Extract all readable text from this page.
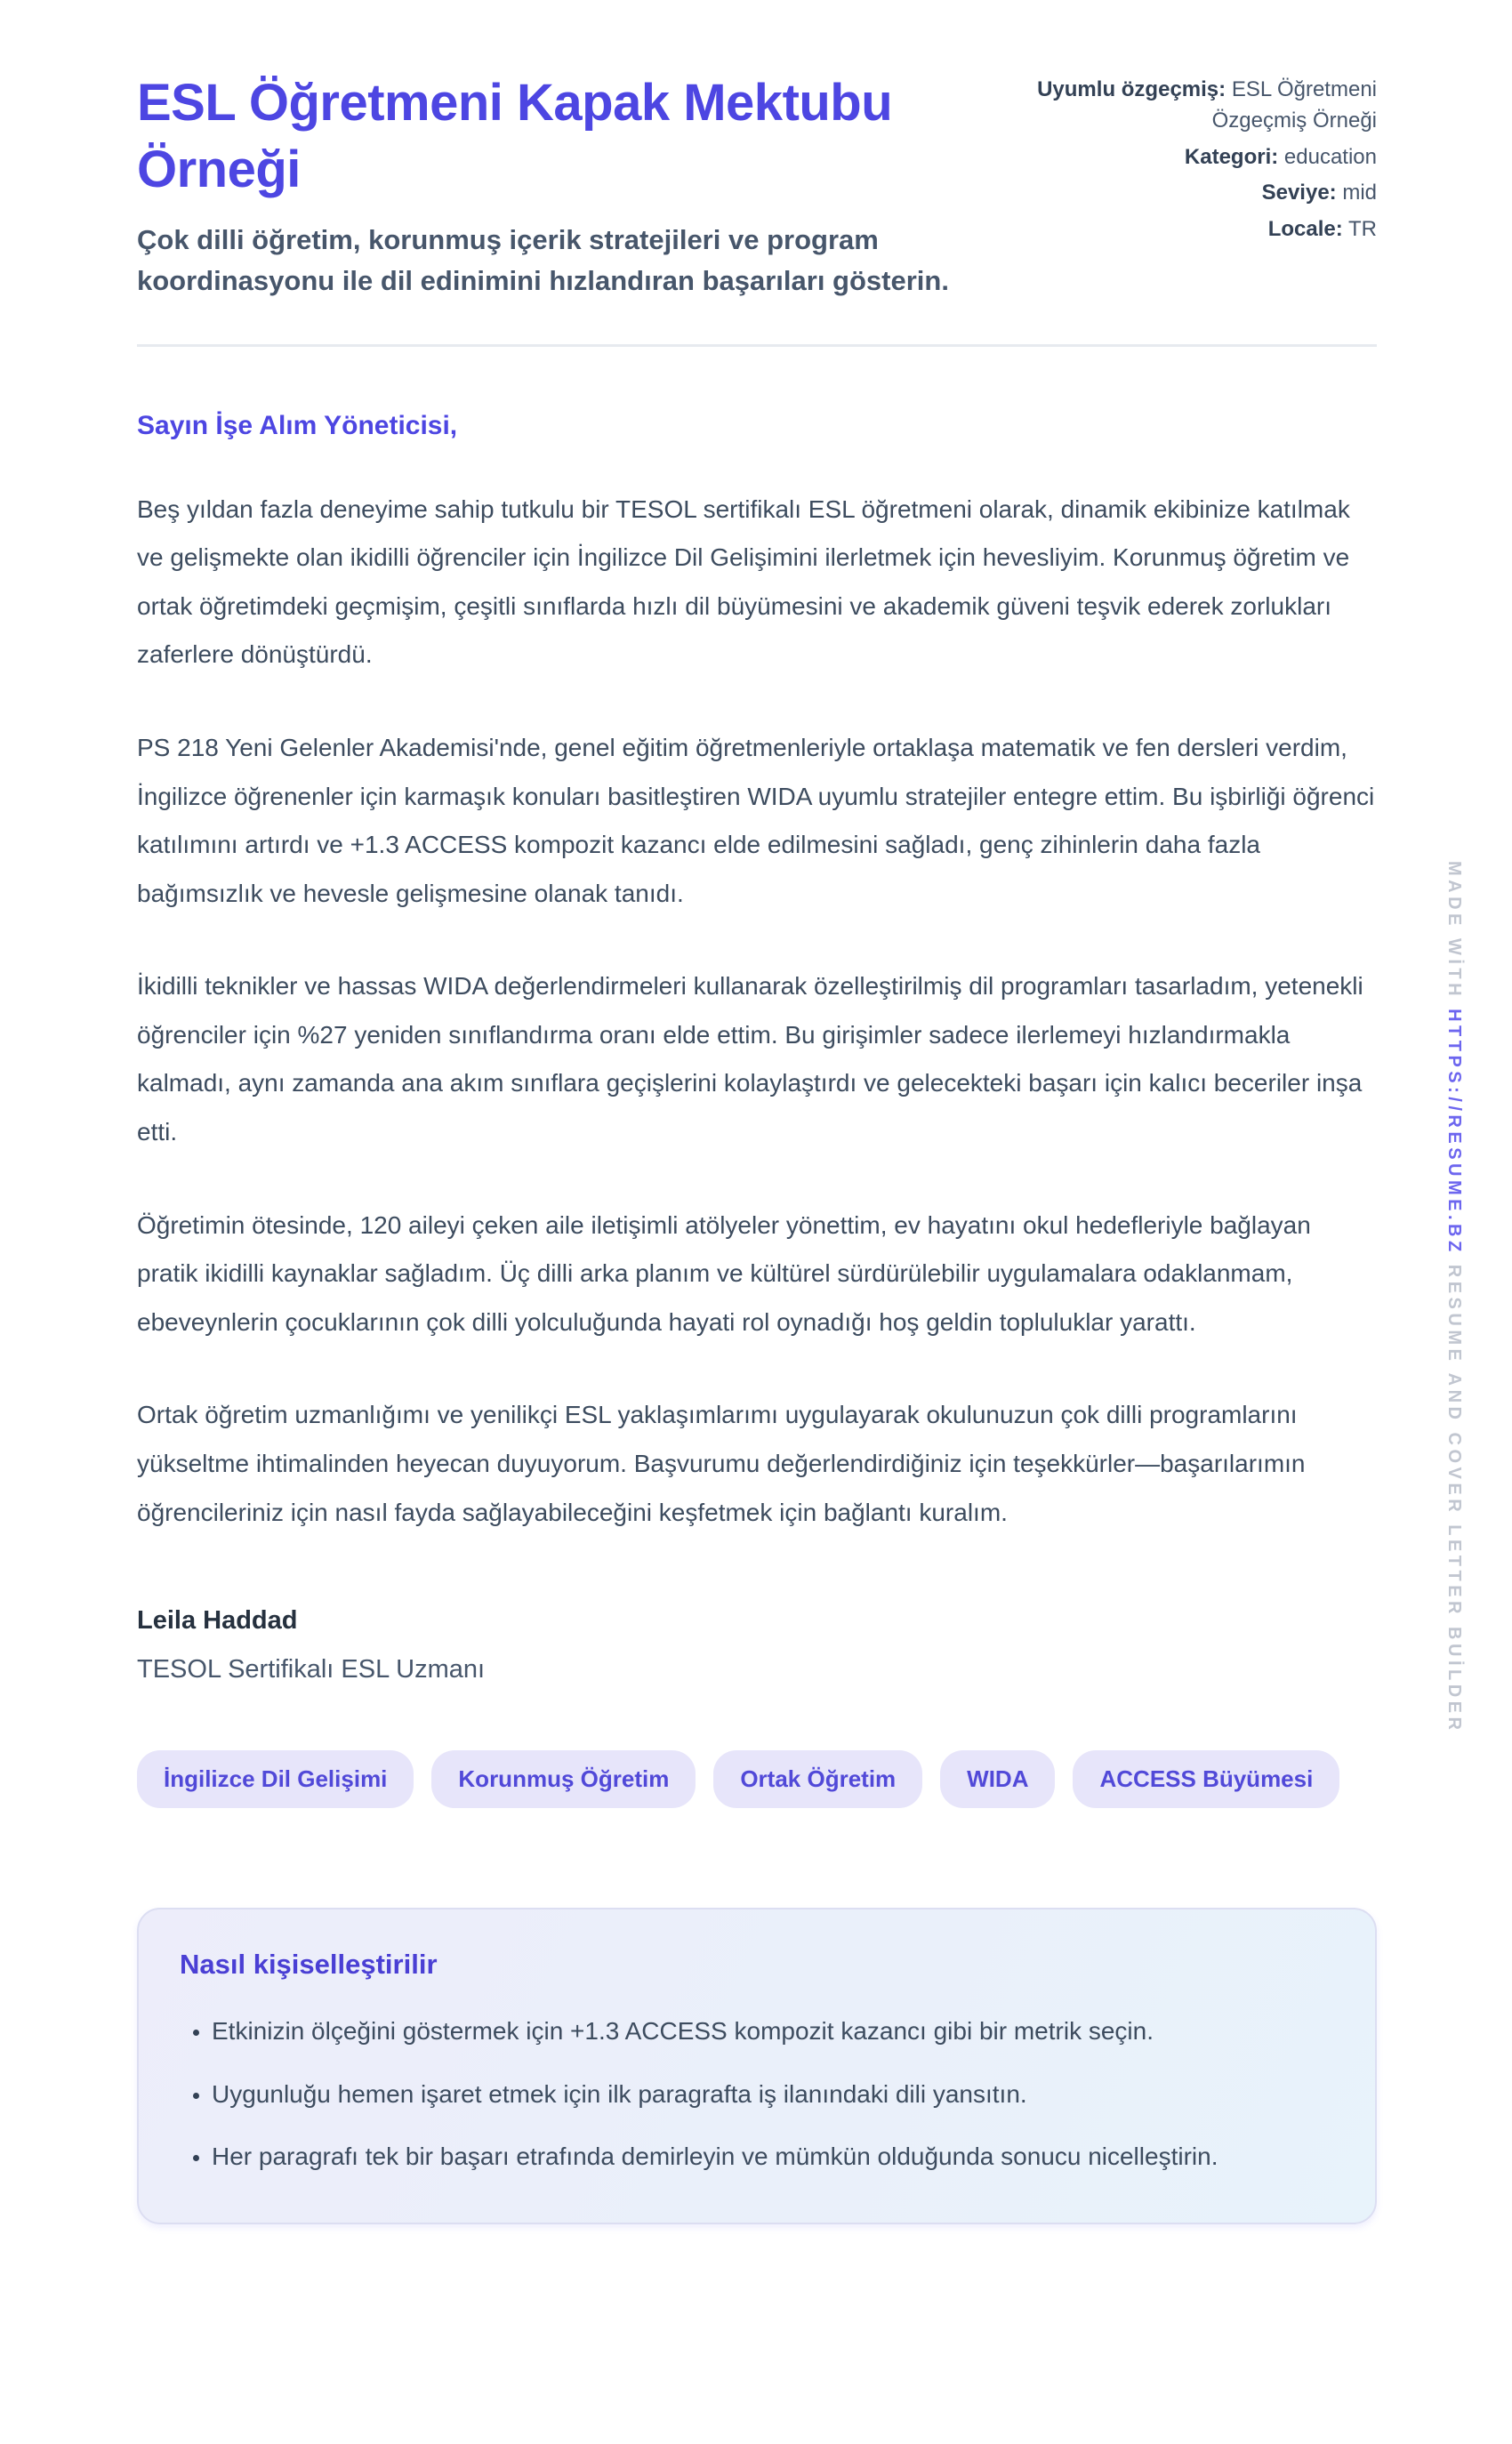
ESL Öğretmeni Kapak Mektubu Örneği

Çok dilli öğretim, korunmuş içerik stratejileri ve program koordinasyonu ile dil edinimini hızlandıran başarıları gösterin.

Uyumlu özgeçmiş: ESL Öğretmeni Özgeçmiş Örneği
Kategori: education
Seviye: mid
Locale: TR

Sayın İşe Alım Yöneticisi,

Beş yıldan fazla deneyime sahip tutkulu bir TESOL sertifikalı ESL öğretmeni olarak, dinamik ekibinize katılmak ve gelişmekte olan ikidilli öğrenciler için İngilizce Dil Gelişimini ilerletmek için hevesliyim. Korunmuş öğretim ve ortak öğretimdeki geçmişim, çeşitli sınıflarda hızlı dil büyümesini ve akademik güveni teşvik ederek zorlukları zaferlere dönüştürdü.

PS 218 Yeni Gelenler Akademisi'nde, genel eğitim öğretmenleriyle ortaklaşa matematik ve fen dersleri verdim, İngilizce öğrenenler için karmaşık konuları basitleştiren WIDA uyumlu stratejiler entegre ettim. Bu işbirliği öğrenci katılımını artırdı ve +1.3 ACCESS kompozit kazancı elde edilmesini sağladı, genç zihinlerin daha fazla bağımsızlık ve hevesle gelişmesine olanak tanıdı.

İkidilli teknikler ve hassas WIDA değerlendirmeleri kullanarak özelleştirilmiş dil programları tasarladım, yetenekli öğrenciler için %27 yeniden sınıflandırma oranı elde ettim. Bu girişimler sadece ilerlemeyi hızlandırmakla kalmadı, aynı zamanda ana akım sınıflara geçişlerini kolaylaştırdı ve gelecekteki başarı için kalıcı beceriler inşa etti.

Öğretimin ötesinde, 120 aileyi çeken aile iletişimli atölyeler yönettim, ev hayatını okul hedefleriyle bağlayan pratik ikidilli kaynaklar sağladım. Üç dilli arka planım ve kültürel sürdürülebilir uygulamalara odaklanmam, ebeveynlerin çocuklarının çok dilli yolculuğunda hayati rol oynadığı hoş geldin topluluklar yarattı.

Ortak öğretim uzmanlığımı ve yenilikçi ESL yaklaşımlarımı uygulayarak okulunuzun çok dilli programlarını yükseltme ihtimalinden heyecan duyuyorum. Başvurumu değerlendirdiğiniz için teşekkürler—başarılarımın öğrencileriniz için nasıl fayda sağlayabileceğini keşfetmek için bağlantı kuralım.

Leila Haddad

TESOL Sertifikalı ESL Uzmanı

İngilizce Dil Gelişimi	Korunmuş Öğretim	Ortak Öğretim	WIDA	ACCESS Büyümesi
Nasıl kişiselleştirilir
• Etkinizin ölçeğini göstermek için +1.3 ACCESS kompozit kazancı gibi bir metrik seçin.
• Uygunluğu hemen işaret etmek için ilk paragrafta iş ilanındaki dili yansıtın.
• Her paragrafı tek bir başarı etrafında demirleyin ve mümkün olduğunda sonucu nicelleştirin.
MADE WİTH HTTPS://RESUME.BZ RESUME AND COVER LETTER BUİLDER
